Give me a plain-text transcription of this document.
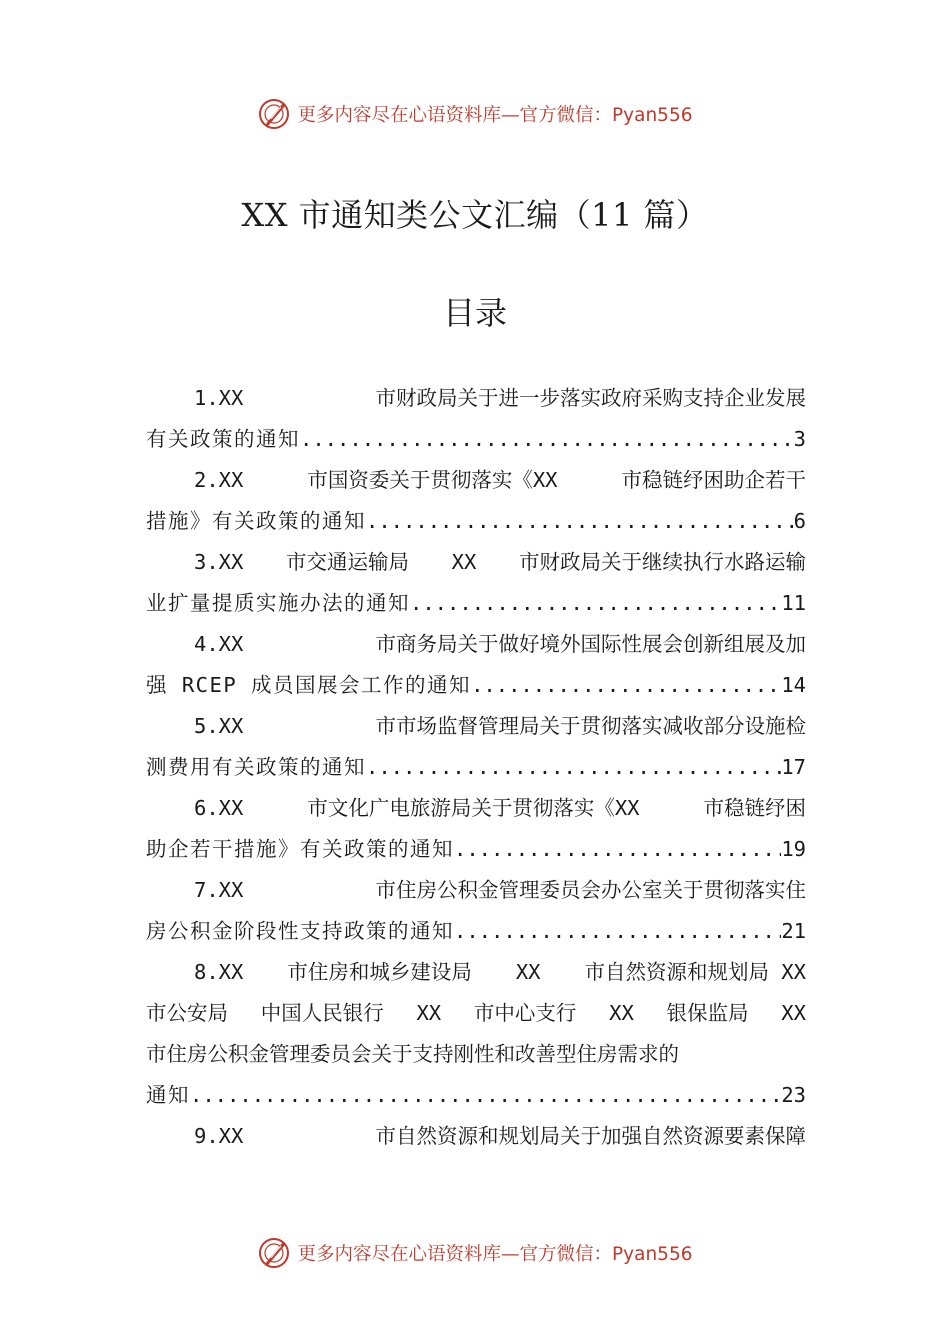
更多内容尽在心语资料库—官方微信：Pyan556
XX 市通知类公文汇编（11 篇）
目录
1.XX	市财政局关于进一步落实政府采购支持企业发展
有关政策的通知 .....	3
2.XX	市国资委关于贯彻落实《XX	市稳链纾困助企若干
措施》有关政策的通知 .....	6
3.XX 市交通运输局 XX 市财政局关于继续执行水路运输
业扩量提质实施办法的通知 .....	11
4.XX	市商务局关于做好境外国际性展会创新组展及加
强 RCEP 成员国展会工作的通知 .....	14
5.XX	市市场监督管理局关于贯彻落实减收部分设施检
测费用有关政策的通知 .....	17
6.XX	市文化广电旅游局关于贯彻落实《XX	市稳链纾困
助企若干措施》有关政策的通知 .....	19
7.XX	市住房公积金管理委员会办公室关于贯彻落实住
房公积金阶段性支持政策的通知 .....	21
8.XX 市住房和城乡建设局 XX 市自然资源和规划局 XX
市公安局 中国人民银行 XX 市中心支行 XX 银保监局 XX
市住房公积金管理委员会关于支持刚性和改善型住房需求的
通知 .....	23
9.XX	市自然资源和规划局关于加强自然资源要素保障
更多内容尽在心语资料库—官方微信：Pyan556
